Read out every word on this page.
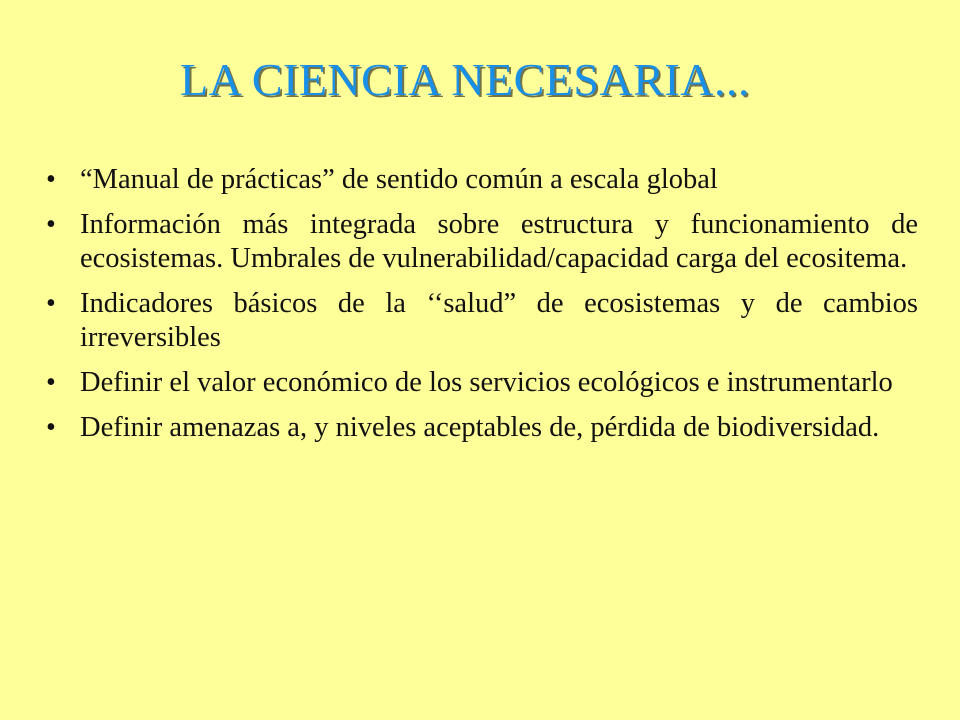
LA CIENCIA NECESARIA...
• “Manual de prácticas” de sentido común a escala global
• Información más integrada sobre estructura y funcionamiento de ecosistemas. Umbrales de vulnerabilidad/capacidad carga del ecositema.
• Indicadores básicos de la ‘‘salud” de ecosistemas y de cambios irreversibles
• Definir el valor económico de los servicios ecológicos e instrumentarlo
• Definir amenazas a, y niveles aceptables de, pérdida de biodiversidad.
